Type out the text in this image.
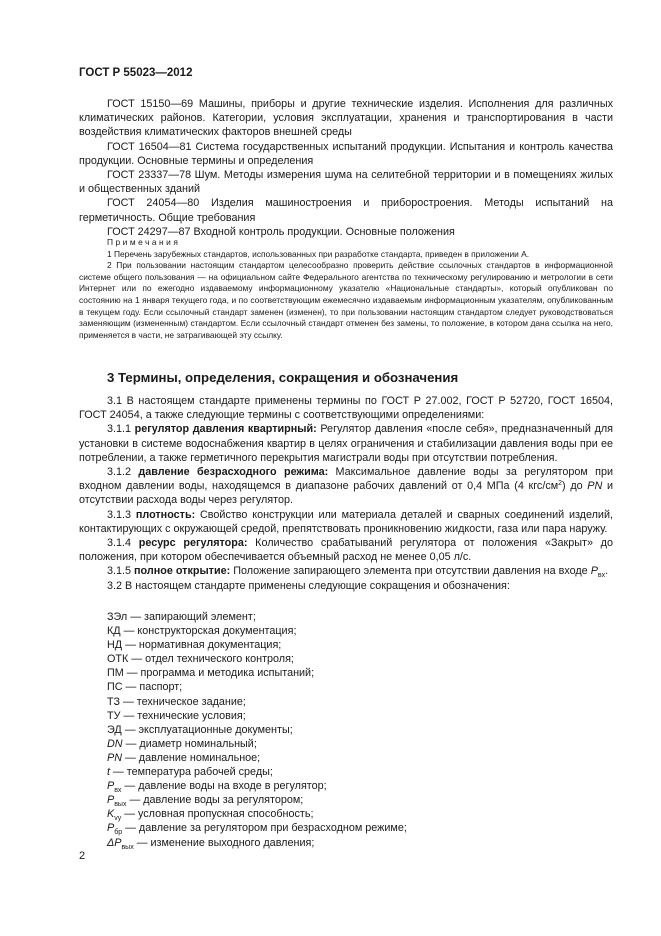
ГОСТ Р 55023—2012

ГОСТ 15150—69 Машины, приборы и другие технические изделия. Исполнения для различных климатических районов. Категории, условия эксплуатации, хранения и транспортирования в части воздействия климатических факторов внешней среды

ГОСТ 16504—81 Система государственных испытаний продукции. Испытания и контроль качества продукции. Основные термины и определения

ГОСТ 23337—78 Шум. Методы измерения шума на селитебной территории и в помещениях жилых и общественных зданий

ГОСТ 24054—80 Изделия машиностроения и приборостроения. Методы испытаний на герметичность. Общие требования

ГОСТ 24297—87 Входной контроль продукции. Основные положения

Примечания

1 Перечень зарубежных стандартов, использованных при разработке стандарта, приведен в приложении А.

2 При пользовании настоящим стандартом целесообразно проверить действие ссылочных стандартов в информационной системе общего пользования — на официальном сайте Федерального агентства по техническому регулированию и метрологии в сети Интернет или по ежегодно издаваемому информационному указателю «Национальные стандарты», который опубликован по состоянию на 1 января текущего года, и по соответствующим ежемесячно издаваемым информационным указателям, опубликованным в текущем году. Если ссылочный стандарт заменен (изменен), то при пользовании настоящим стандартом следует руководствоваться заменяющим (измененным) стандартом. Если ссылочный стандарт отменен без замены, то положение, в котором дана ссылка на него, применяется в части, не затрагивающей эту ссылку.

3 Термины, определения, сокращения и обозначения

3.1 В настоящем стандарте применены термины по ГОСТ Р 27.002, ГОСТ Р 52720, ГОСТ 16504, ГОСТ 24054, а также следующие термины с соответствующими определениями:

3.1.1 регулятор давления квартирный: Регулятор давления «после себя», предназначенный для установки в системе водоснабжения квартир в целях ограничения и стабилизации давления воды при ее потреблении, а также герметичного перекрытия магистрали воды при отсутствии потребления.

3.1.2 давление безрасходного режима: Максимальное давление воды за регулятором при входном давлении воды, находящемся в диапазоне рабочих давлений от 0,4 МПа (4 кгс/$см^2$) до PN и отсутствии расхода воды через регулятор.

3.1.3 плотность: Свойство конструкции или материала деталей и сварных соединений изделий, контактирующих с окружающей средой, препятствовать проникновению жидкости, газа или пара наружу.

3.1.4 ресурс регулятора: Количество срабатываний регулятора от положения «Закрыт» до положения, при котором обеспечивается объемный расход не менее 0,05 л/с.

3.1.5 полное открытие: Положение запирающего элемента при отсутствии давления на входе $P_{вх}$.

3.2 В настоящем стандарте применены следующие сокращения и обозначения:

ЗЭл — запирающий элемент;

КД — конструкторская документация;

НД — нормативная документация;

ОТК — отдел технического контроля;

ПМ — программа и методика испытаний;

ПС — паспорт;

ТЗ — техническое задание;

ТУ — технические условия;

ЭД — эксплуатационные документы;

DN — диаметр номинальный;

PN — давление номинальное;

t — температура рабочей среды;

$P_{вх}$ — давление воды на входе в регулятор;

$P_{вых}$ — давление воды за регулятором;

$K_{vy}$ — условная пропускная способность;

$P_{бр}$ — давление за регулятором при безрасходном режиме;

$\Delta P_{вых}$ — изменение выходного давления;

2
